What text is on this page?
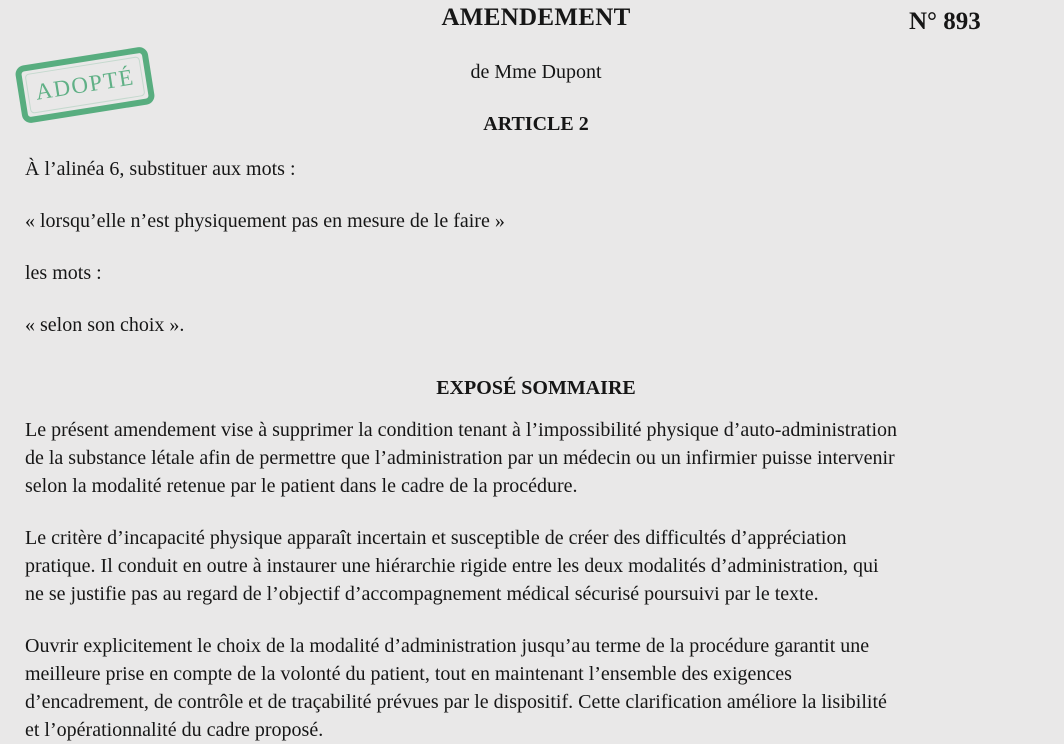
AMENDEMENT	N° 893
ADOPTÉ	de Mme Dupont
ARTICLE 2
À l’alinéa 6, substituer aux mots :
« lorsqu’elle n’est physiquement pas en mesure de le faire »
les mots :
« selon son choix ».
EXPOSÉ SOMMAIRE
Le présent amendement vise à supprimer la condition tenant à l’impossibilité physique d’auto-administration
de la substance létale afin de permettre que l’administration par un médecin ou un infirmier puisse intervenir
selon la modalité retenue par le patient dans le cadre de la procédure.
Le critère d’incapacité physique apparaît incertain et susceptible de créer des difficultés d’appréciation
pratique. Il conduit en outre à instaurer une hiérarchie rigide entre les deux modalités d’administration, qui
ne se justifie pas au regard de l’objectif d’accompagnement médical sécurisé poursuivi par le texte.
Ouvrir explicitement le choix de la modalité d’administration jusqu’au terme de la procédure garantit une
meilleure prise en compte de la volonté du patient, tout en maintenant l’ensemble des exigences
d’encadrement, de contrôle et de traçabilité prévues par le dispositif. Cette clarification améliore la lisibilité
et l’opérationnalité du cadre proposé.
